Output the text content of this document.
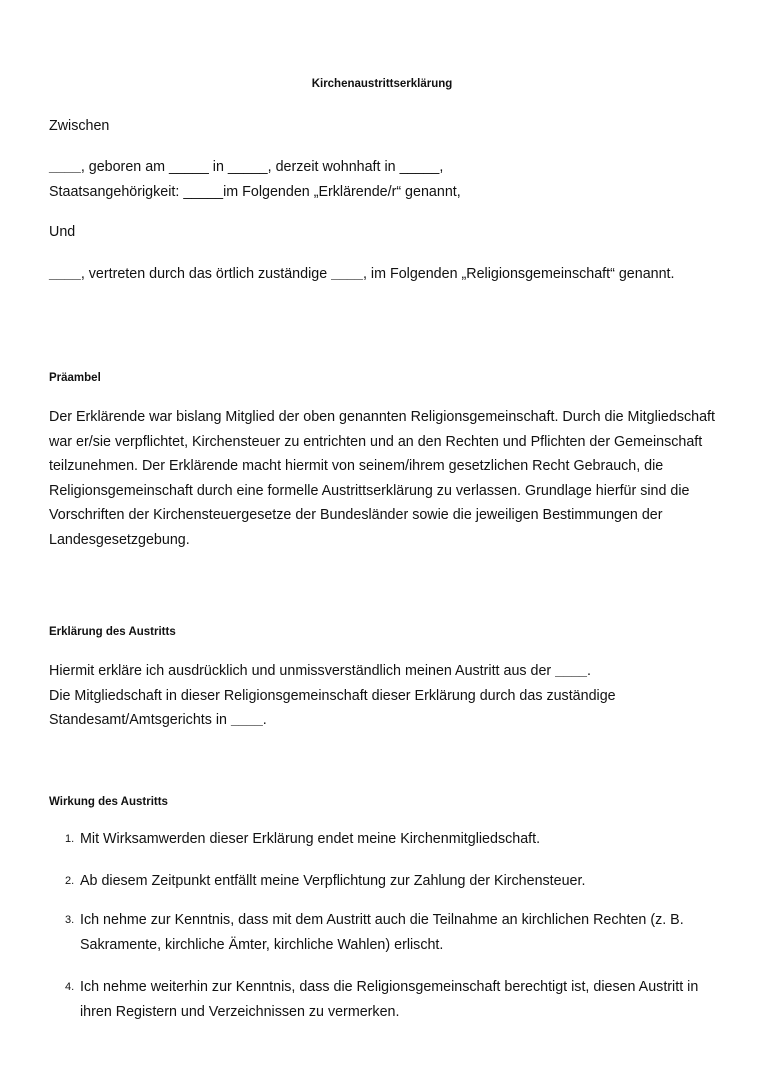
Kirchenaustrittserklärung

Zwischen

____, geboren am _____ in _____, derzeit wohnhaft in _____,

Staatsangehörigkeit: _____im Folgenden „Erklärende/r“ genannt,

Und

____, vertreten durch das örtlich zuständige ____, im Folgenden „Religionsgemeinschaft“ genannt.

Präambel

Der Erklärende war bislang Mitglied der oben genannten Religionsgemeinschaft. Durch die Mitgliedschaft war er/sie verpflichtet, Kirchensteuer zu entrichten und an den Rechten und Pflichten der Gemeinschaft teilzunehmen. Der Erklärende macht hiermit von seinem/ihrem gesetzlichen Recht Gebrauch, die Religionsgemeinschaft durch eine formelle Austrittserklärung zu verlassen. Grundlage hierfür sind die Vorschriften der Kirchensteuergesetze der Bundesländer sowie die jeweiligen Bestimmungen der Landesgesetzgebung.

Erklärung des Austritts

Hiermit erkläre ich ausdrücklich und unmissverständlich meinen Austritt aus der ____.
Die Mitgliedschaft in dieser Religionsgemeinschaft dieser Erklärung durch das zuständige Standesamt/Amtsgerichts in ____.

Wirkung des Austritts

1. Mit Wirksamwerden dieser Erklärung endet meine Kirchenmitgliedschaft.
2. Ab diesem Zeitpunkt entfällt meine Verpflichtung zur Zahlung der Kirchensteuer.
3. Ich nehme zur Kenntnis, dass mit dem Austritt auch die Teilnahme an kirchlichen Rechten (z. B. Sakramente, kirchliche Ämter, kirchliche Wahlen) erlischt.
4. Ich nehme weiterhin zur Kenntnis, dass die Religionsgemeinschaft berechtigt ist, diesen Austritt in ihren Registern und Verzeichnissen zu vermerken.
